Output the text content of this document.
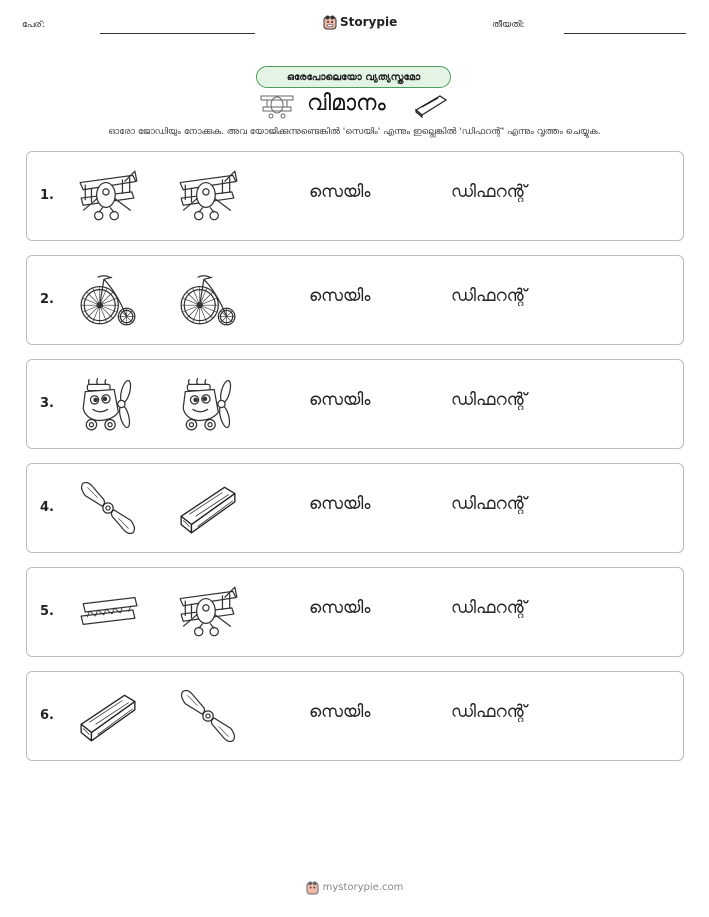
പേര്:	Storypie	തീയതി:
ഒരേപോലെയോ വ്യത്യസ്തമോ
വിമാനം
ഓരോ ജോഡിയും നോക്കുക. അവ യോജിക്കുന്നുണ്ടെങ്കിൽ 'സെയിം' എന്നും ഇല്ലെങ്കിൽ 'ഡിഫറന്റ്' എന്നും വൃത്തം ചെയ്യുക.
1.	സെയിം	ഡിഫറന്റ്
2.	സെയിം	ഡിഫറന്റ്
3.	സെയിം	ഡിഫറന്റ്
4.	സെയിം	ഡിഫറന്റ്
5.	സെയിം	ഡിഫറന്റ്
6.	സെയിം	ഡിഫറന്റ്
mystorypie.com
